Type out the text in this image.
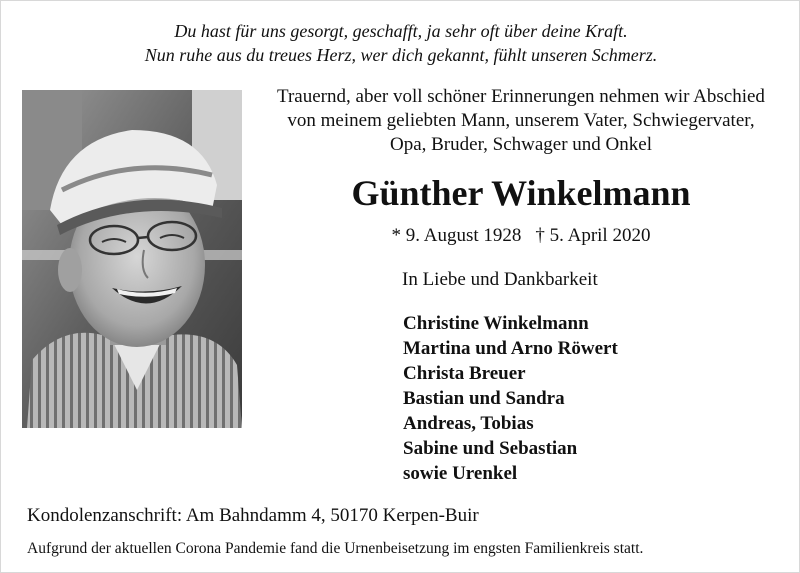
Du hast für uns gesorgt, geschafft, ja sehr oft über deine Kraft.
Nun ruhe aus du treues Herz, wer dich gekannt, fühlt unseren Schmerz.
Trauernd, aber voll schöner Erinnerungen nehmen wir Abschied
von meinem geliebten Mann, unserem Vater, Schwiegervater,
Opa, Bruder, Schwager und Onkel
Günther Winkelmann
* 9. August 1928 † 5. April 2020
In Liebe und Dankbarkeit
Christine Winkelmann
Martina und Arno Röwert
Christa Breuer
Bastian und Sandra
Andreas, Tobias
Sabine und Sebastian
sowie Urenkel
Kondolenzanschrift: Am Bahndamm 4, 50170 Kerpen-Buir
Aufgrund der aktuellen Corona Pandemie fand die Urnenbeisetzung im engsten Familienkreis statt.
